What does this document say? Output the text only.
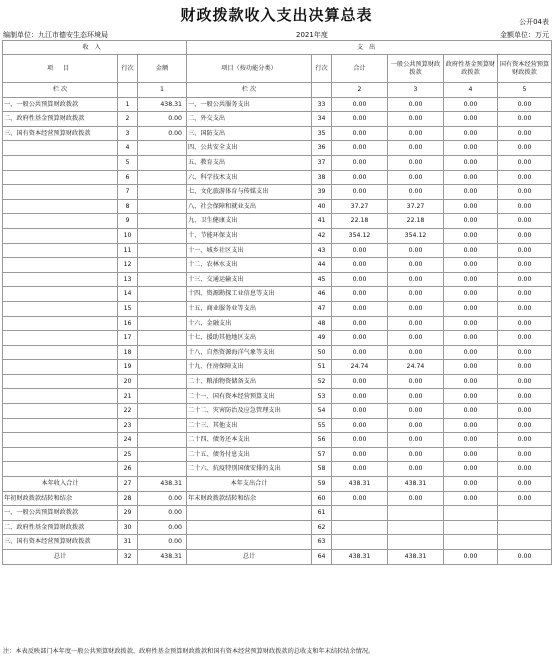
财政拨款收入支出决算总表	公开04表
编制单位：九江市德安生态环境局	2021年度	金额单位：万元
收入			支出					
项 目	行次	金额	项目（按功能分类）	行次	合计	一般公共预算财政拨款	政府性基金预算财政拨款	国有资本经营预算财政拨款
栏 次		1	栏 次		2	3	4	5
一、一般公共预算财政拨款	1	438.31	一、一般公共服务支出	33	0.00	0.00	0.00	0.00
二、政府性基金预算财政拨款	2	0.00	二、外交支出	34	0.00	0.00	0.00	0.00
三、国有资本经营预算财政拨款	3	0.00	三、国防支出	35	0.00	0.00	0.00	0.00
	4		四、公共安全支出	36	0.00	0.00	0.00	0.00
	5		五、教育支出	37	0.00	0.00	0.00	0.00
	6		六、科学技术支出	38	0.00	0.00	0.00	0.00
	7		七、文化旅游体育与传媒支出	39	0.00	0.00	0.00	0.00
	8		八、社会保障和就业支出	40	37.27	37.27	0.00	0.00
	9		九、卫生健康支出	41	22.18	22.18	0.00	0.00
	10		十、节能环保支出	42	354.12	354.12	0.00	0.00
	11		十一、城乡社区支出	43	0.00	0.00	0.00	0.00
	12		十二、农林水支出	44	0.00	0.00	0.00	0.00
	13		十三、交通运输支出	45	0.00	0.00	0.00	0.00
	14		十四、资源勘探工业信息等支出	46	0.00	0.00	0.00	0.00
	15		十五、商业服务业等支出	47	0.00	0.00	0.00	0.00
	16		十六、金融支出	48	0.00	0.00	0.00	0.00
	17		十七、援助其他地区支出	49	0.00	0.00	0.00	0.00
	18		十八、自然资源海洋气象等支出	50	0.00	0.00	0.00	0.00
	19		十九、住房保障支出	51	24.74	24.74	0.00	0.00
	20		二十、粮油物资储备支出	52	0.00	0.00	0.00	0.00
	21		二十一、国有资本经营预算支出	53	0.00	0.00	0.00	0.00
	22		二十二、灾害防治及应急管理支出	54	0.00	0.00	0.00	0.00
	23		二十三、其他支出	55	0.00	0.00	0.00	0.00
	24		二十四、债务还本支出	56	0.00	0.00	0.00	0.00
	25		二十五、债务付息支出	57	0.00	0.00	0.00	0.00
	26		二十六、抗疫特别国债安排的支出	58	0.00	0.00	0.00	0.00
本年收入合计	27	438.31	本年支出合计	59	438.31	438.31	0.00	0.00
年初财政拨款结转和结余	28	0.00	年末财政拨款结转和结余	60	0.00	0.00	0.00	0.00
一、一般公共预算财政拨款	29	0.00		61				
二、政府性基金预算财政拨款	30	0.00		62				
三、国有资本经营预算财政拨款	31	0.00		63				
总计	32	438.31	总计	64	438.31	438.31	0.00	0.00
注：本表反映部门本年度一般公共预算财政拨款、政府性基金预算财政拨款和国有资本经营预算财政拨款的总收支和年末结转结余情况。
